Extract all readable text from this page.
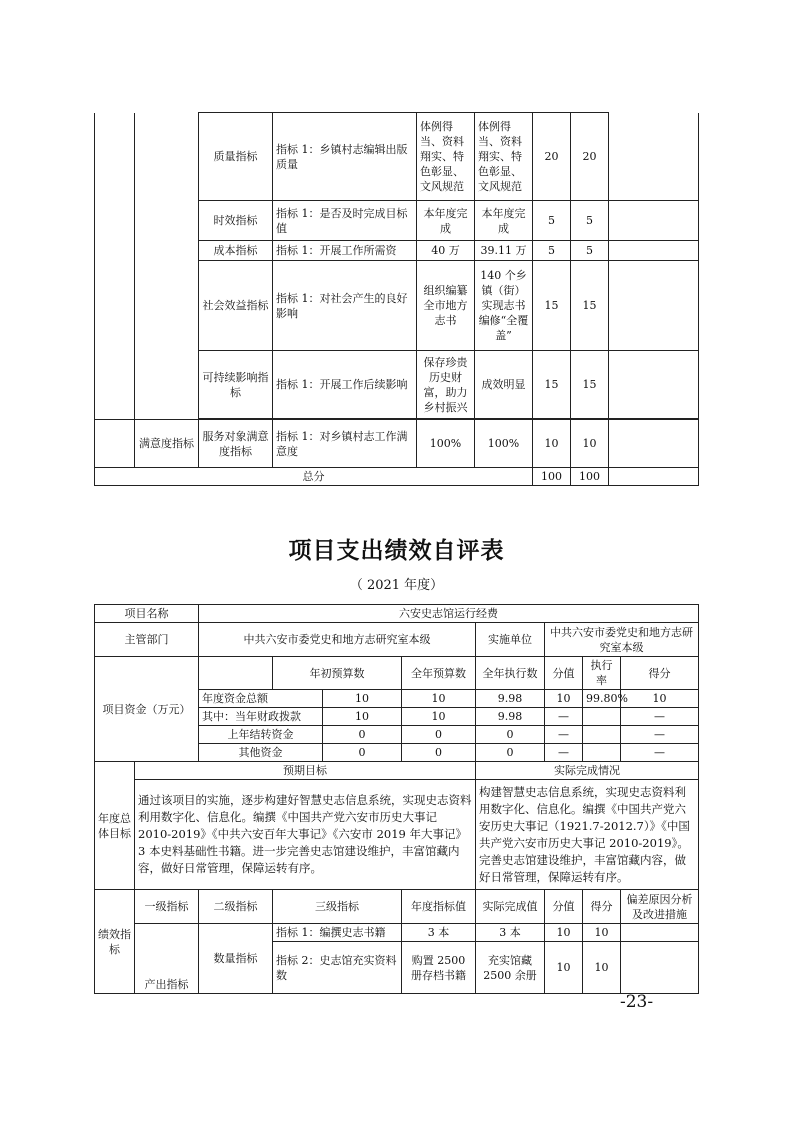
		质量指标	指标 1：乡镇村志编辑出版质量	体例得当、资料翔实、特色彰显、文风规范	体例得当、资料翔实、特色彰显、文风规范	20	20	
		时效指标	指标 1：是否及时完成目标值	本年度完成	本年度完成	5	5	
		成本指标	指标 1：开展工作所需资	40 万	39.11 万	5	5	
		社会效益指标	指标 1：对社会产生的良好影响	组织编纂全市地方志书	140 个乡镇（街）实现志书编修“全覆盖”	15	15	
		可持续影响指标	指标 1：开展工作后续影响	保存珍贵历史财富，助力乡村振兴	成效明显	15	15	

	满意度指标	服务对象满意度指标	指标 1：对乡镇村志工作满意度	100%	100%	10	10	
总分						100	100	
项目支出绩效自评表
（ 2021 年度）
项目名称		六安史志馆运行经费							
主管部门		中共六安市委党史和地方志研究室本级				实施单位	中共六安市委党史和地方志研究室本级		
项目资金（万元）			年初预算数		全年预算数	全年执行数	分值	执行率	得分
		年度资金总额		10	10	9.98	10	99.80%	10
		其中：当年财政拨款		10	10	9.98	—		—
		上年结转资金		0	0	0	—		—
		其他资金		0	0	0	—		—
年度总体目标	预期目标					实际完成情况			
	通过该项目的实施，逐步构建好智慧史志信息系统，实现史志资料利用数字化、信息化。编撰《中国共产党六安市历史大事记 2010-2019》《中共六安百年大事记》《六安市 2019 年大事记》3 本史料基础性书籍。进一步完善史志馆建设维护，丰富馆藏内容，做好日常管理，保障运转有序。					构建智慧史志信息系统，实现史志资料利用数字化、信息化。编撰《中国共产党六安历史大事记（1921.7-2012.7）》《中国共产党六安市历史大事记 2010-2019》。完善史志馆建设维护，丰富馆藏内容，做好日常管理，保障运转有序。			
绩效指标	一级指标	二级指标	三级指标		年度指标值	实际完成值	分值	得分	偏差原因分析及改进措施
	产出指标	数量指标	指标 1：编撰史志书籍		3 本	3 本	10	10	
			指标 2：史志馆充实资料数		购置 2500 册存档书籍	充实馆藏 2500 余册	10	10	
-23-
